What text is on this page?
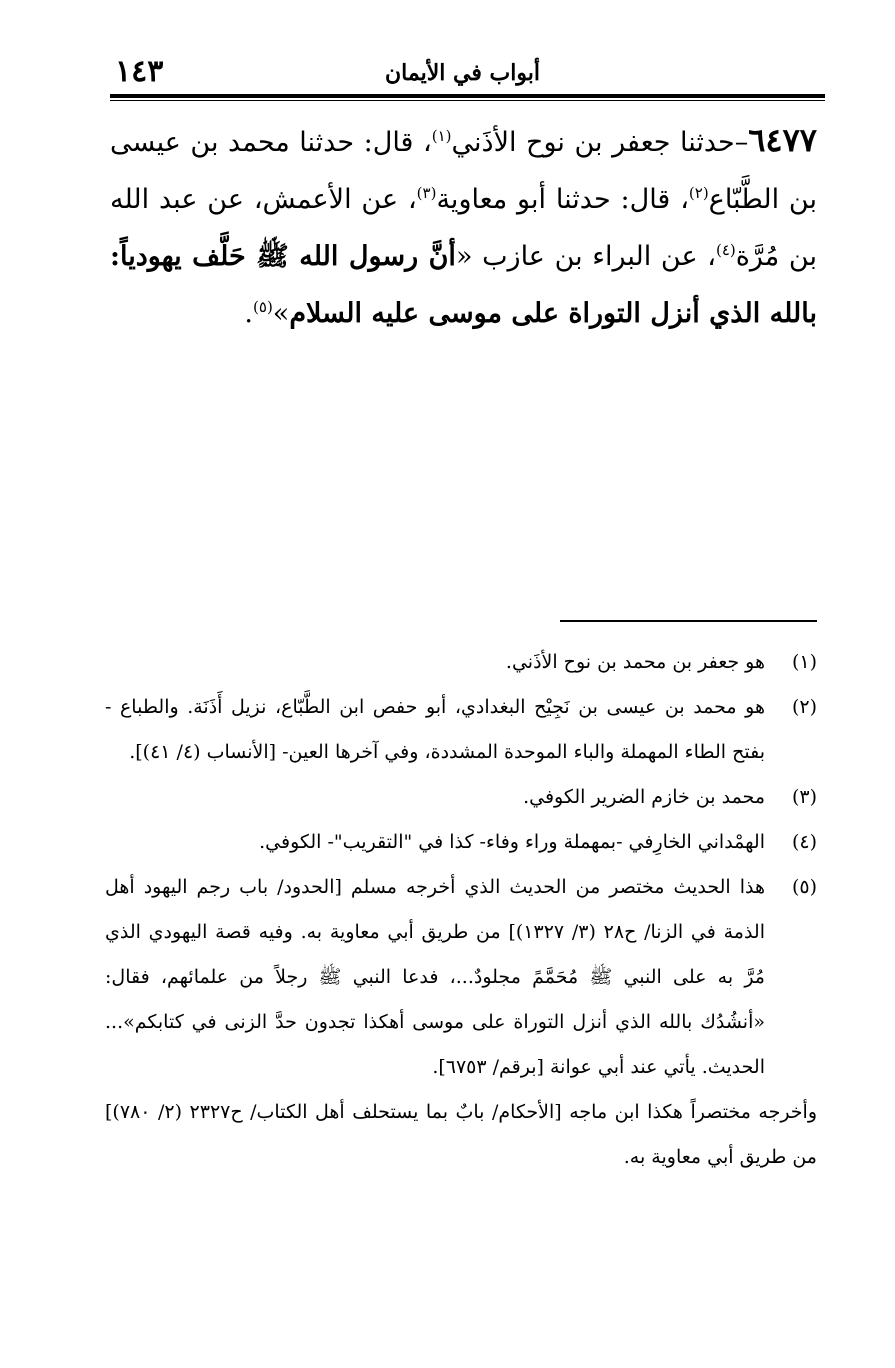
أبواب في الأيمان
١٤٣
٦٤٧٧–حدثنا جعفر بن نوح الأذَني$^{(١)}$، قال: حدثنا محمد بن عيسى بن الطَّبّاع$^{(٢)}$، قال: حدثنا أبو معاوية$^{(٣)}$، عن الأعمش، عن عبد الله بن مُرَّة$^{(٤)}$، عن البراء بن عازب «أنَّ رسول الله ﷺ حَلَّف يهودياً: بالله الذي أنزل التوراة على موسى عليه السلام»$^{(٥)}$.
(١)
هو جعفر بن محمد بن نوح الأذَني.
(٢)
هو محمد بن عيسى بن نَجِيْح البغدادي، أبو حفص ابن الطَّبّاع، نزيل أَذَنَة. والطباع - بفتح الطاء المهملة والباء الموحدة المشددة، وفي آخرها العين- [الأنساب (٤/ ٤١)].
(٣)
محمد بن خازم الضرير الكوفي.
(٤)
الهمْداني الخارِفي -بمهملة وراء وفاء- كذا في "التقريب"- الكوفي.
(٥)
هذا الحديث مختصر من الحديث الذي أخرجه مسلم [الحدود/ باب رجم اليهود أهل الذمة في الزنا/ ح٢٨ (٣/ ١٣٢٧)] من طريق أبي معاوية به. وفيه قصة اليهودي الذي مُرَّ به على النبي ﷺ مُحَمَّمً مجلودٌ...، فدعا النبي ﷺ رجلاً من علمائهم، فقال: «أنشُدُك بالله الذي أنزل التوراة على موسى أهكذا تجدون حدَّ الزنى في كتابكم»... الحديث. يأتي عند أبي عوانة [برقم/ ٦٧٥٣].
وأخرجه مختصراً هكذا ابن ماجه [الأحكام/ بابٌ بما يستحلف أهل الكتاب/ ح٢٣٢٧ (٢/ ٧٨٠)] من طريق أبي معاوية به.
